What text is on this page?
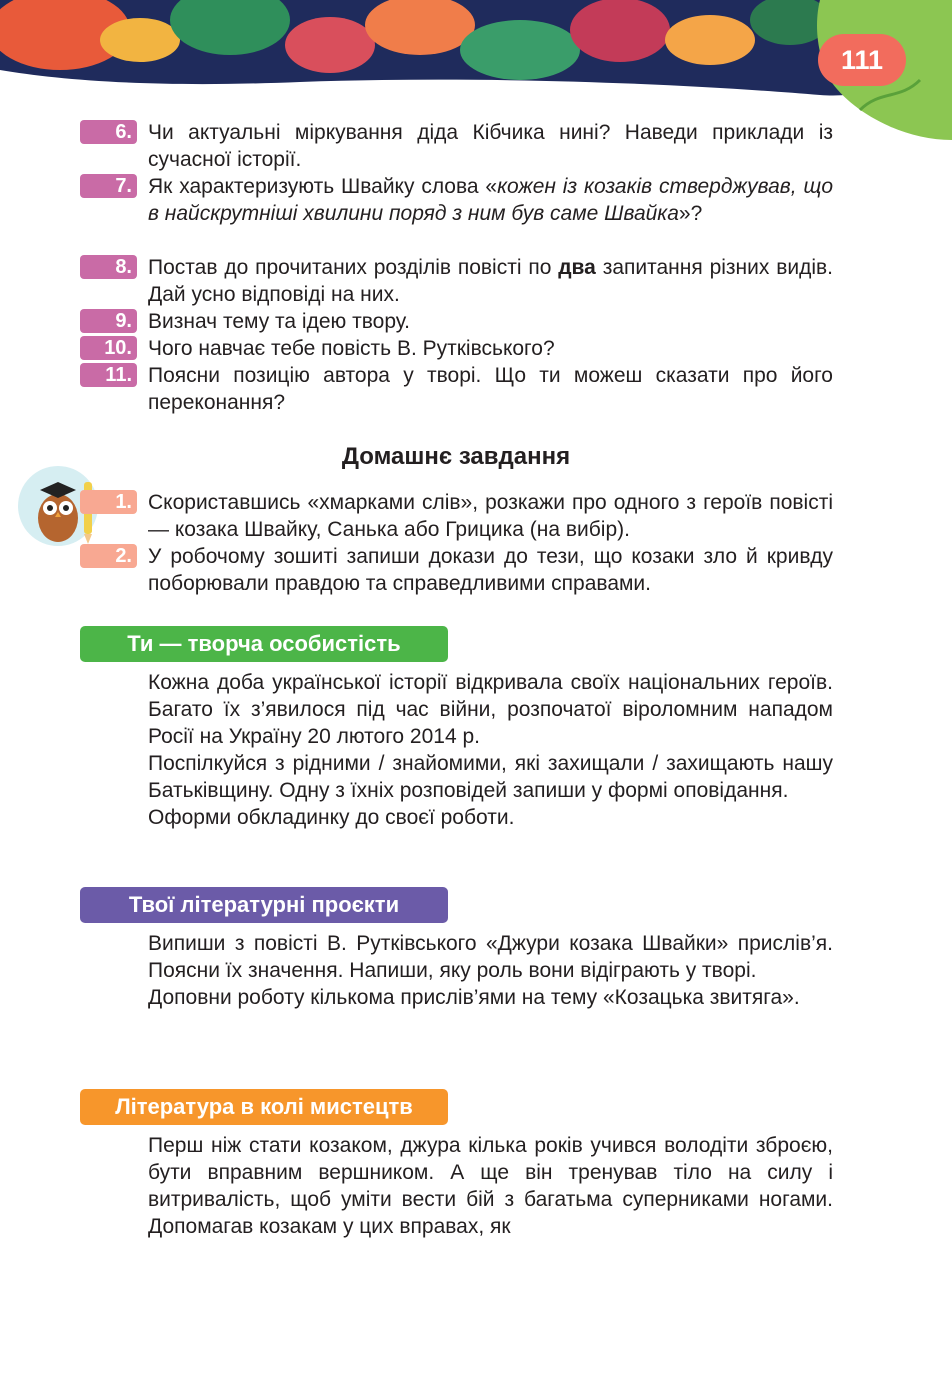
111
6. Чи актуальні міркування діда Кібчика нині? Наведи приклади із сучасної історії.
7. Як характеризують Швайку слова «кожен із козаків стверджував, що в найскрутніші хвилини поряд з ним був саме Швайка»?
8. Постав до прочитаних розділів повісті по два запитання різних видів. Дай усно відповіді на них.
9. Визнач тему та ідею твору.
10. Чого навчає тебе повість В. Рутківського?
11. Поясни позицію автора у творі. Що ти можеш сказати про його переконання?
Домашнє завдання
1. Скориставшись «хмарками слів», розкажи про одного з героїв повісті — козака Швайку, Санька або Грицика (на вибір).
2. У робочому зошиті запиши докази до тези, що козаки зло й кривду поборювали правдою та справедливими справами.
Ти — творча особистість

Кожна доба української історії відкривала своїх національних героїв. Багато їх з’явилося під час війни, розпочатої віроломним нападом Росії на Україну 20 лютого 2014 р.

Поспілкуйся з рідними / знайомими, які захищали / захищають нашу Батьківщину. Одну з їхніх розповідей запиши у формі оповідання.

Оформи обкладинку до своєї роботи.

Твої літературні проєкти

Випиши з повісті В. Рутківського «Джури козака Швайки» прислів’я. Поясни їх значення. Напиши, яку роль вони відіграють у творі.

Доповни роботу кількома прислів’ями на тему «Козацька звитяга».

Література в колі мистецтв

Перш ніж стати козаком, джура кілька років учився володіти зброєю, бути вправним вершником. А ще він тренував тіло на силу і витривалість, щоб уміти вести бій з багатьма суперниками ногами. Допомагав козакам у цих вправах, як
